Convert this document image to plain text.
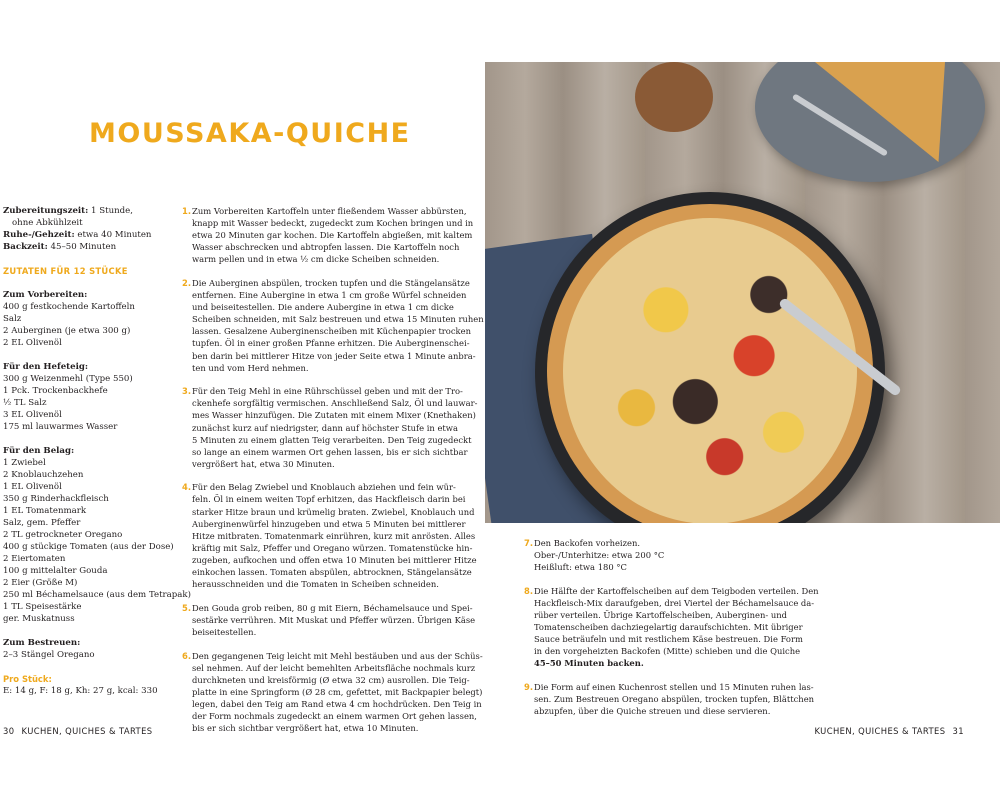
MOUSSAKA-QUICHE
Zubereitungszeit: 1 Stunde,
ohne Abkühlzeit
Ruhe-/Gehzeit: etwa 40 Minuten
Backzeit: 45–50 Minuten
ZUTATEN FÜR 12 STÜCKE
Zum Vorbereiten:
400 g festkochende Kartoffeln
Salz
2 Auberginen (je etwa 300 g)
2 EL Olivenöl
Für den Hefeteig:
300 g Weizenmehl (Type 550)
1 Pck. Trockenbackhefe
½ TL Salz
3 EL Olivenöl
175 ml lauwarmes Wasser
Für den Belag:
1 Zwiebel
2 Knoblauchzehen
1 EL Olivenöl
350 g Rinderhackfleisch
1 EL Tomatenmark
Salz, gem. Pfeffer
2 TL getrockneter Oregano
400 g stückige Tomaten (aus der Dose)
2 Eiertomaten
100 g mittelalter Gouda
2 Eier (Größe M)
250 ml Béchamelsauce (aus dem Tetrapak)
1 TL Speisestärke
ger. Muskatnuss
Zum Bestreuen:
2–3 Stängel Oregano
Pro Stück:
E: 14 g, F: 18 g, Kh: 27 g, kcal: 330
1. Zum Vorbereiten Kartoffeln unter fließendem Wasser abbürsten,
knapp mit Wasser bedeckt, zugedeckt zum Kochen bringen und in
etwa 20 Minuten gar kochen. Die Kartoffeln abgießen, mit kaltem
Wasser abschrecken und abtropfen lassen. Die Kartoffeln noch
warm pellen und in etwa ½ cm dicke Scheiben schneiden.
2. Die Auberginen abspülen, trocken tupfen und die Stängelansätze
entfernen. Eine Aubergine in etwa 1 cm große Würfel schneiden
und beiseitestellen. Die andere Aubergine in etwa 1 cm dicke
Scheiben schneiden, mit Salz bestreuen und etwa 15 Minuten ruhen
lassen. Gesalzene Auberginenscheiben mit Küchenpapier trocken
tupfen. Öl in einer großen Pfanne erhitzen. Die Auberginenschei-
ben darin bei mittlerer Hitze von jeder Seite etwa 1 Minute anbra-
ten und vom Herd nehmen.
3. Für den Teig Mehl in eine Rührschüssel geben und mit der Tro-
ckenhefe sorgfältig vermischen. Anschließend Salz, Öl und lauwar-
mes Wasser hinzufügen. Die Zutaten mit einem Mixer (Knethaken)
zunächst kurz auf niedrigster, dann auf höchster Stufe in etwa
5 Minuten zu einem glatten Teig verarbeiten. Den Teig zugedeckt
so lange an einem warmen Ort gehen lassen, bis er sich sichtbar
vergrößert hat, etwa 30 Minuten.
4. Für den Belag Zwiebel und Knoblauch abziehen und fein wür-
feln. Öl in einem weiten Topf erhitzen, das Hackfleisch darin bei
starker Hitze braun und krümelig braten. Zwiebel, Knoblauch und
Auberginenwürfel hinzugeben und etwa 5 Minuten bei mittlerer
Hitze mitbraten. Tomatenmark einrühren, kurz mit anrösten. Alles
kräftig mit Salz, Pfeffer und Oregano würzen. Tomatenstücke hin-
zugeben, aufkochen und offen etwa 10 Minuten bei mittlerer Hitze
einkochen lassen. Tomaten abspülen, abtrocknen, Stängelansätze
herausschneiden und die Tomaten in Scheiben schneiden.
5. Den Gouda grob reiben, 80 g mit Eiern, Béchamelsauce und Spei-
sestärke verrühren. Mit Muskat und Pfeffer würzen. Übrigen Käse
beiseitestellen.
6. Den gegangenen Teig leicht mit Mehl bestäuben und aus der Schüs-
sel nehmen. Auf der leicht bemehlten Arbeitsfläche nochmals kurz
durchkneten und kreisförmig (Ø etwa 32 cm) ausrollen. Die Teig-
platte in eine Springform (Ø 28 cm, gefettet, mit Backpapier belegt)
legen, dabei den Teig am Rand etwa 4 cm hochdrücken. Den Teig in
der Form nochmals zugedeckt an einem warmen Ort gehen lassen,
bis er sich sichtbar vergrößert hat, etwa 10 Minuten.
7. Den Backofen vorheizen.
Ober-/Unterhitze: etwa 200 °C
Heißluft: etwa 180 °C
8. Die Hälfte der Kartoffelscheiben auf dem Teigboden verteilen. Den
Hackfleisch-Mix daraufgeben, drei Viertel der Béchamelsauce da-
rüber verteilen. Übrige Kartoffelscheiben, Auberginen- und
Tomatenscheiben dachziegelartig daraufschichten. Mit übriger
Sauce beträufeln und mit restlichem Käse bestreuen. Die Form
in den vorgeheizten Backofen (Mitte) schieben und die Quiche
45–50 Minuten backen.
9. Die Form auf einen Kuchenrost stellen und 15 Minuten ruhen las-
sen. Zum Bestreuen Oregano abspülen, trocken tupfen, Blättchen
abzupfen, über die Quiche streuen und diese servieren.
30 KUCHEN, QUICHES & TARTES	KUCHEN, QUICHES & TARTES 31
